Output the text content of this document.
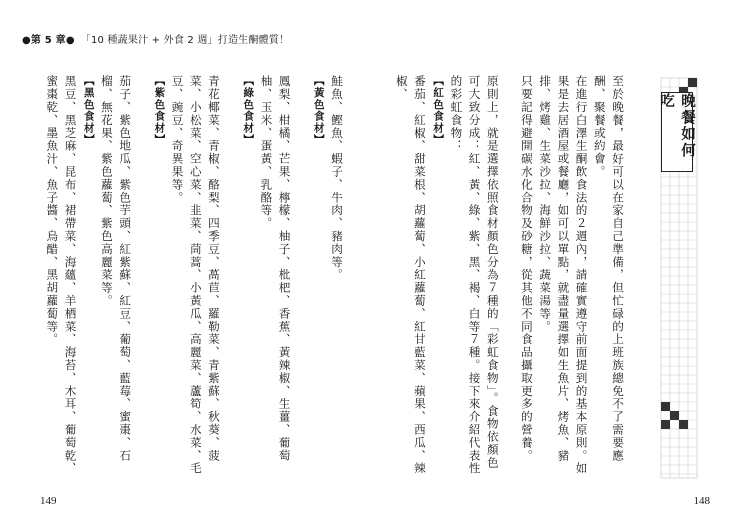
●第 5 章● 「10 種蔬果汁 + 外食 2 週」打造生酮體質！
晚餐如何吃

至於晚餐，最好可以在家自己準備，但忙碌的上班族總免不了需要應酬、聚餐或約會。

在進行白澤生酮飲食法的２週內，請確實遵守前面提到的基本原則。如果是去居酒屋或餐廳，如可以單點，就盡量選擇如生魚片、烤魚、豬排、烤雞、生菜沙拉、海鮮沙拉、蔬菜湯等。

只要記得避開碳水化合物及砂糖，從其他不同食品攝取更多的營養。

原則上，就是選擇依照食材顏色分為７種的「彩虹食物」。食物依顏色可大致分成：紅、黃、綠、紫、黑、褐、白等７種。接下來介紹代表性的彩虹食物：

【紅色食材】

番茄、紅椒、甜菜根、胡蘿蔔、小紅蘿蔔、紅甘藍菜、蘋果、西瓜、辣椒、

鮭魚、鰹魚、蝦子、牛肉、豬肉等。

【黃色食材】

鳳梨、柑橘、芒果、檸檬、柚子、枇杷、香蕉、黃辣椒、生薑、葡萄柚、玉米、蛋黃、乳酪等。

【綠色食材】

青花椰菜、青椒、酪梨、四季豆、萵苣、羅勒菜、青紫蘇、秋葵、菠菜、小松菜、空心菜、韭菜、茼蒿、小黃瓜、高麗菜、蘆筍、水菜、毛豆、豌豆、奇異果等。

【紫色食材】

茄子、紫色地瓜、紫色芋頭、紅紫蘇、紅豆、葡萄、藍莓、蜜棗、石榴、無花果、紫色蘿蔔、紫色高麗菜等。

【黑色食材】

黑豆、黑芝麻、昆布、裙帶菜、海蘊、羊栖菜、海苔、木耳、葡萄乾、蜜棗乾、墨魚汁、魚子醬、烏醋、黑胡蘿蔔等。

149	148
